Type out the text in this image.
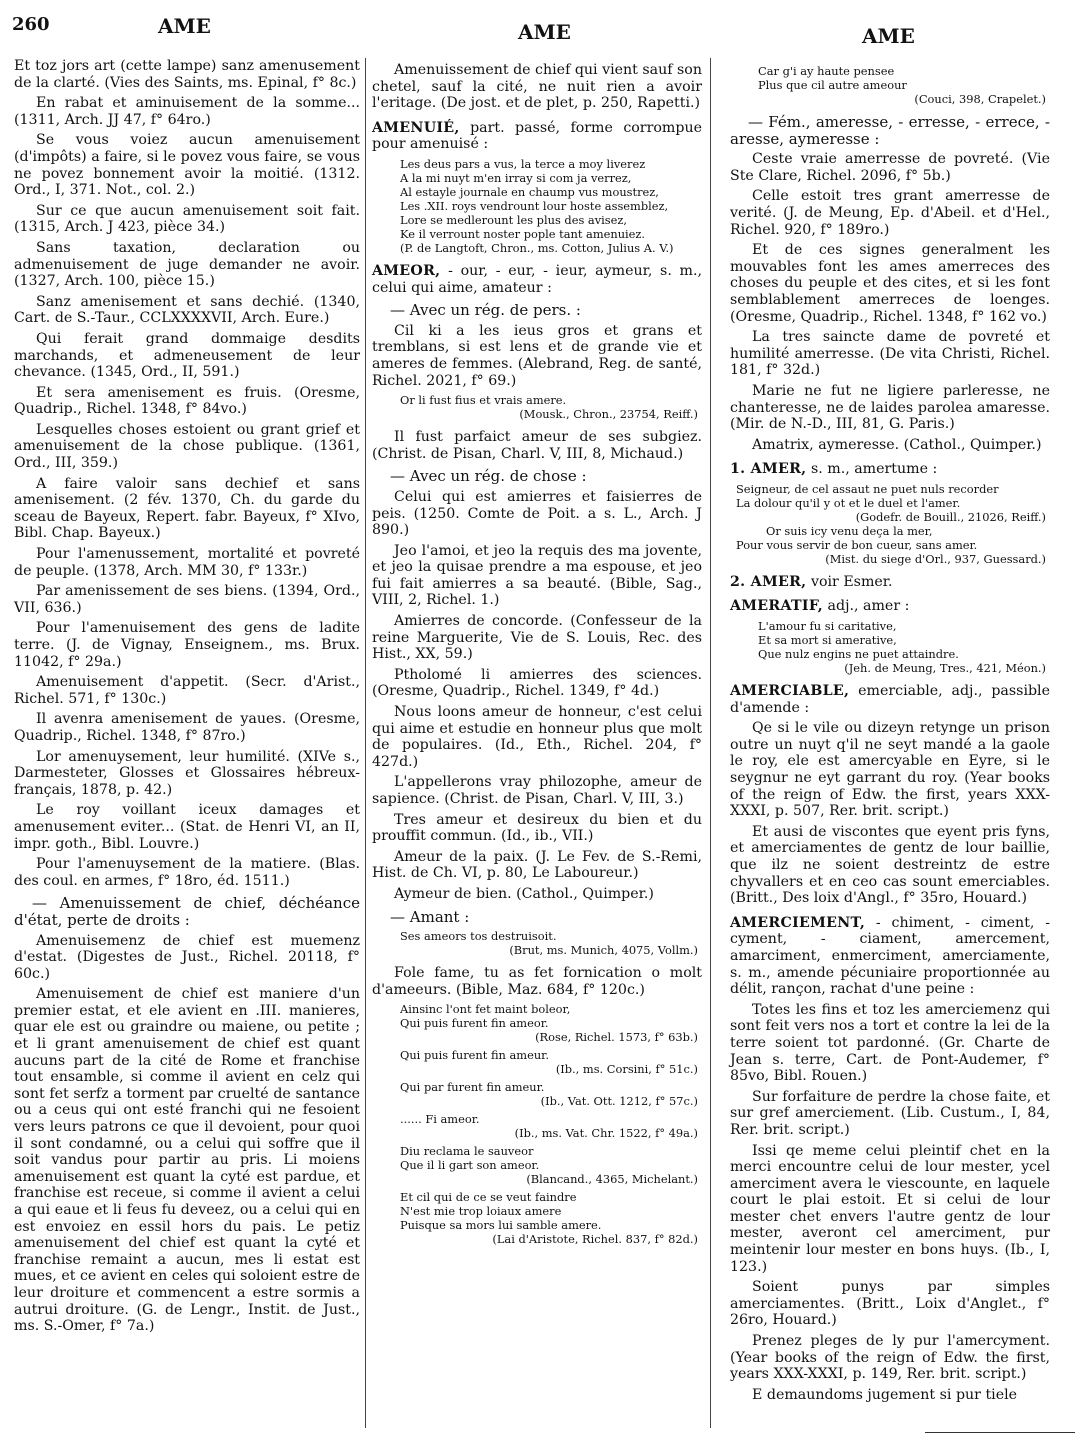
260	AME	AME	AME

Et toz jors art (cette lampe) sanz amenusement de la clarté. (Vies des Saints, ms. Epinal, f° 8c.)

En rabat et aminuisement de la somme... (1311, Arch. JJ 47, f° 64ro.)

Se vous voiez aucun amenuisement (d'impôts) a faire, si le povez vous faire, se vous ne povez bonnement avoir la moitié. (1312. Ord., I, 371. Not., col. 2.)

Sur ce que aucun amenuisement soit fait. (1315, Arch. J 423, pièce 34.)

Sans taxation, declaration ou admenuisement de juge demander ne avoir. (1327, Arch. 100, pièce 15.)

Sanz amenisement et sans dechié. (1340, Cart. de S.-Taur., CCLXXXXVII, Arch. Eure.)

Qui ferait grand dommaige desdits marchands, et admeneusement de leur chevance. (1345, Ord., II, 591.)

Et sera amenisement es fruis. (Oresme, Quadrip., Richel. 1348, f° 84vo.)

Lesquelles choses estoient ou grant grief et amenuisement de la chose publique. (1361, Ord., III, 359.)

A faire valoir sans dechief et sans amenisement. (2 fév. 1370, Ch. du garde du sceau de Bayeux, Repert. fabr. Bayeux, f° XIvo, Bibl. Chap. Bayeux.)

Pour l'amenussement, mortalité et povreté de peuple. (1378, Arch. MM 30, f° 133r.)

Par amenissement de ses biens. (1394, Ord., VII, 636.)

Pour l'amenuisement des gens de ladite terre. (J. de Vignay, Enseignem., ms. Brux. 11042, f° 29a.)

Amenuisement d'appetit. (Secr. d'Arist., Richel. 571, f° 130c.)

Il avenra amenisement de yaues. (Oresme, Quadrip., Richel. 1348, f° 87ro.)

Lor amenuysement, leur humilité. (XIVe s., Darmesteter, Glosses et Glossaires hébreux-français, 1878, p. 42.)

Le roy voillant iceux damages et amenusement eviter... (Stat. de Henri VI, an II, impr. goth., Bibl. Louvre.)

Pour l'amenuysement de la matiere. (Blas. des coul. en armes, f° 18ro, éd. 1511.)

— Amenuissement de chief, déchéance d'état, perte de droits :

Amenuisemenz de chief est muemenz d'estat. (Digestes de Just., Richel. 20118, f° 60c.)

Amenuisement de chief est maniere d'un premier estat, et ele avient en .III. manieres, quar ele est ou graindre ou maiene, ou petite ; et li grant amenuisement de chief est quant aucuns part de la cité de Rome et franchise tout ensamble, si comme il avient en celz qui sont fet serfz a torment par cruelté de santance ou a ceus qui ont esté franchi qui ne fesoient vers leurs patrons ce que il devoient, pour quoi il sont condamné, ou a celui qui soffre que il soit vandus pour partir au pris. Li moiens amenuisement est quant la cyté est pardue, et franchise est receue, si comme il avient a celui a qui eaue et li feus fu deveez, ou a celui qui en est envoiez en essil hors du pais. Le petiz amenuisement del chief est quant la cyté et franchise remaint a aucun, mes li estat est mues, et ce avient en celes qui soloient estre de leur droiture et commencent a estre sormis a autrui droiture. (G. de Lengr., Instit. de Just., ms. S.-Omer, f° 7a.)

Amenuissement de chief qui vient sauf son chetel, sauf la cité, ne nuit rien a avoir l'eritage. (De jost. et de plet, p. 250, Rapetti.)

AMENUIÉ, part. passé, forme corrompue pour amenuisé :

Les deus pars a vus, la terce a moy liverez
A la mi nuyt m'en irray si com ja verrez,
Al estayle journale en chaump vus moustrez,
Les .XII. roys vendrount lour hoste assemblez,
Lore se medlerount les plus des avisez,
Ke il verrount noster pople tant amenuiez.
(P. de Langtoft, Chron., ms. Cotton, Julius A. V.)

AMEOR, - our, - eur, - ieur, aymeur, s. m., celui qui aime, amateur :

— Avec un rég. de pers. :

Cil ki a les ieus gros et grans et tremblans, si est lens et de grande vie et ameres de femmes. (Alebrand, Reg. de santé, Richel. 2021, f° 69.)

Or li fust fius et vrais amere.
(Mousk., Chron., 23754, Reiff.)

Il fust parfaict ameur de ses subgiez. (Christ. de Pisan, Charl. V, III, 8, Michaud.)

— Avec un rég. de chose :

Celui qui est amierres et faisierres de peis. (1250. Comte de Poit. a s. L., Arch. J 890.)

Jeo l'amoi, et jeo la requis des ma jovente, et jeo la quisae prendre a ma espouse, et jeo fui fait amierres a sa beauté. (Bible, Sag., VIII, 2, Richel. 1.)

Amierres de concorde. (Confesseur de la reine Marguerite, Vie de S. Louis, Rec. des Hist., XX, 59.)

Ptholomé li amierres des sciences. (Oresme, Quadrip., Richel. 1349, f° 4d.)

Nous loons ameur de honneur, c'est celui qui aime et estudie en honneur plus que molt de populaires. (Id., Eth., Richel. 204, f° 427d.)

L'appellerons vray philozophe, ameur de sapience. (Christ. de Pisan, Charl. V, III, 3.)

Tres ameur et desireux du bien et du prouffit commun. (Id., ib., VII.)

Ameur de la paix. (J. Le Fev. de S.-Remi, Hist. de Ch. VI, p. 80, Le Laboureur.)

Aymeur de bien. (Cathol., Quimper.)

— Amant :

Ses ameors tos destruisoit.
(Brut, ms. Munich, 4075, Vollm.)

Fole fame, tu as fet fornication o molt d'ameeurs. (Bible, Maz. 684, f° 120c.)

Ainsinc l'ont fet maint boleor,
Qui puis furent fin ameor.
(Rose, Richel. 1573, f° 63b.)
Qui puis furent fin ameur.
(Ib., ms. Corsini, f° 51c.)
Qui par furent fin ameur.
(Ib., Vat. Ott. 1212, f° 57c.)
...... Fi ameor.
(Ib., ms. Vat. Chr. 1522, f° 49a.)
Diu reclama le sauveor
Que il li gart son ameor.
(Blancand., 4365, Michelant.)
Et cil qui de ce se veut faindre
N'est mie trop loiaux amere
Puisque sa mors lui samble amere.
(Lai d'Aristote, Richel. 837, f° 82d.)
Car g'i ay haute pensee
Plus que cil autre ameour
(Couci, 398, Crapelet.)

— Fém., ameresse, - erresse, - errece, - aresse, aymeresse :

Ceste vraie amerresse de povreté. (Vie Ste Clare, Richel. 2096, f° 5b.)

Celle estoit tres grant amerresse de verité. (J. de Meung, Ep. d'Abeil. et d'Hel., Richel. 920, f° 189ro.)

Et de ces signes generalment les mouvables font les ames amerreces des choses du peuple et des cites, et si les font semblablement amerreces de loenges. (Oresme, Quadrip., Richel. 1348, f° 162 vo.)

La tres saincte dame de povreté et humilité amerresse. (De vita Christi, Richel. 181, f° 32d.)

Marie ne fut ne ligiere parleresse, ne chanteresse, ne de laides parolea amaresse. (Mir. de N.-D., III, 81, G. Paris.)

Amatrix, aymeresse. (Cathol., Quimper.)

1. AMER, s. m., amertume :

Seigneur, de cel assaut ne puet nuls recorder
La dolour qu'il y ot et le duel et l'amer.
(Godefr. de Bouill., 21026, Reiff.)
Or suis icy venu deça la mer,
Pour vous servir de bon cueur, sans amer.
(Mist. du siege d'Orl., 937, Guessard.)

2. AMER, voir Esmer.

AMERATIF, adj., amer :

L'amour fu si caritative,
Et sa mort si amerative,
Que nulz engins ne puet attaindre.
(Jeh. de Meung, Tres., 421, Méon.)

AMERCIABLE, emerciable, adj., passible d'amende :

Qe si le vile ou dizeyn retynge un prison outre un nuyt q'il ne seyt mandé a la gaole le roy, ele est amercyable en Eyre, si le seygnur ne eyt garrant du roy. (Year books of the reign of Edw. the first, years XXX-XXXI, p. 507, Rer. brit. script.)

Et ausi de viscontes que eyent pris fyns, et amerciamentes de gentz de lour baillie, que ilz ne soient destreintz de estre chyvallers et en ceo cas sount emerciables. (Britt., Des loix d'Angl., f° 35ro, Houard.)

AMERCIEMENT, - chiment, - ciment, - cyment, - ciament, amercement, amarciment, enmerciment, amerciamente, s. m., amende pécuniaire proportionnée au délit, rançon, rachat d'une peine :

Totes les fins et toz les amerciemenz qui sont feit vers nos a tort et contre la lei de la terre soient tot pardonné. (Gr. Charte de Jean s. terre, Cart. de Pont-Audemer, f° 85vo, Bibl. Rouen.)

Sur forfaiture de perdre la chose faite, et sur gref amerciement. (Lib. Custum., I, 84, Rer. brit. script.)

Issi qe meme celui pleintif chet en la merci encountre celui de lour mester, ycel amerciment avera le viescounte, en laquele court le plai estoit. Et si celui de lour mester chet envers l'autre gentz de lour mester, averont cel amerciment, pur meintenir lour mester en bons huys. (Ib., I, 123.)

Soient punys par simples amerciamentes. (Britt., Loix d'Anglet., f° 26ro, Houard.)

Prenez pleges de ly pur l'amercyment. (Year books of the reign of Edw. the first, years XXX-XXXI, p. 149, Rer. brit. script.)

E demaundoms jugement si pur tiele
